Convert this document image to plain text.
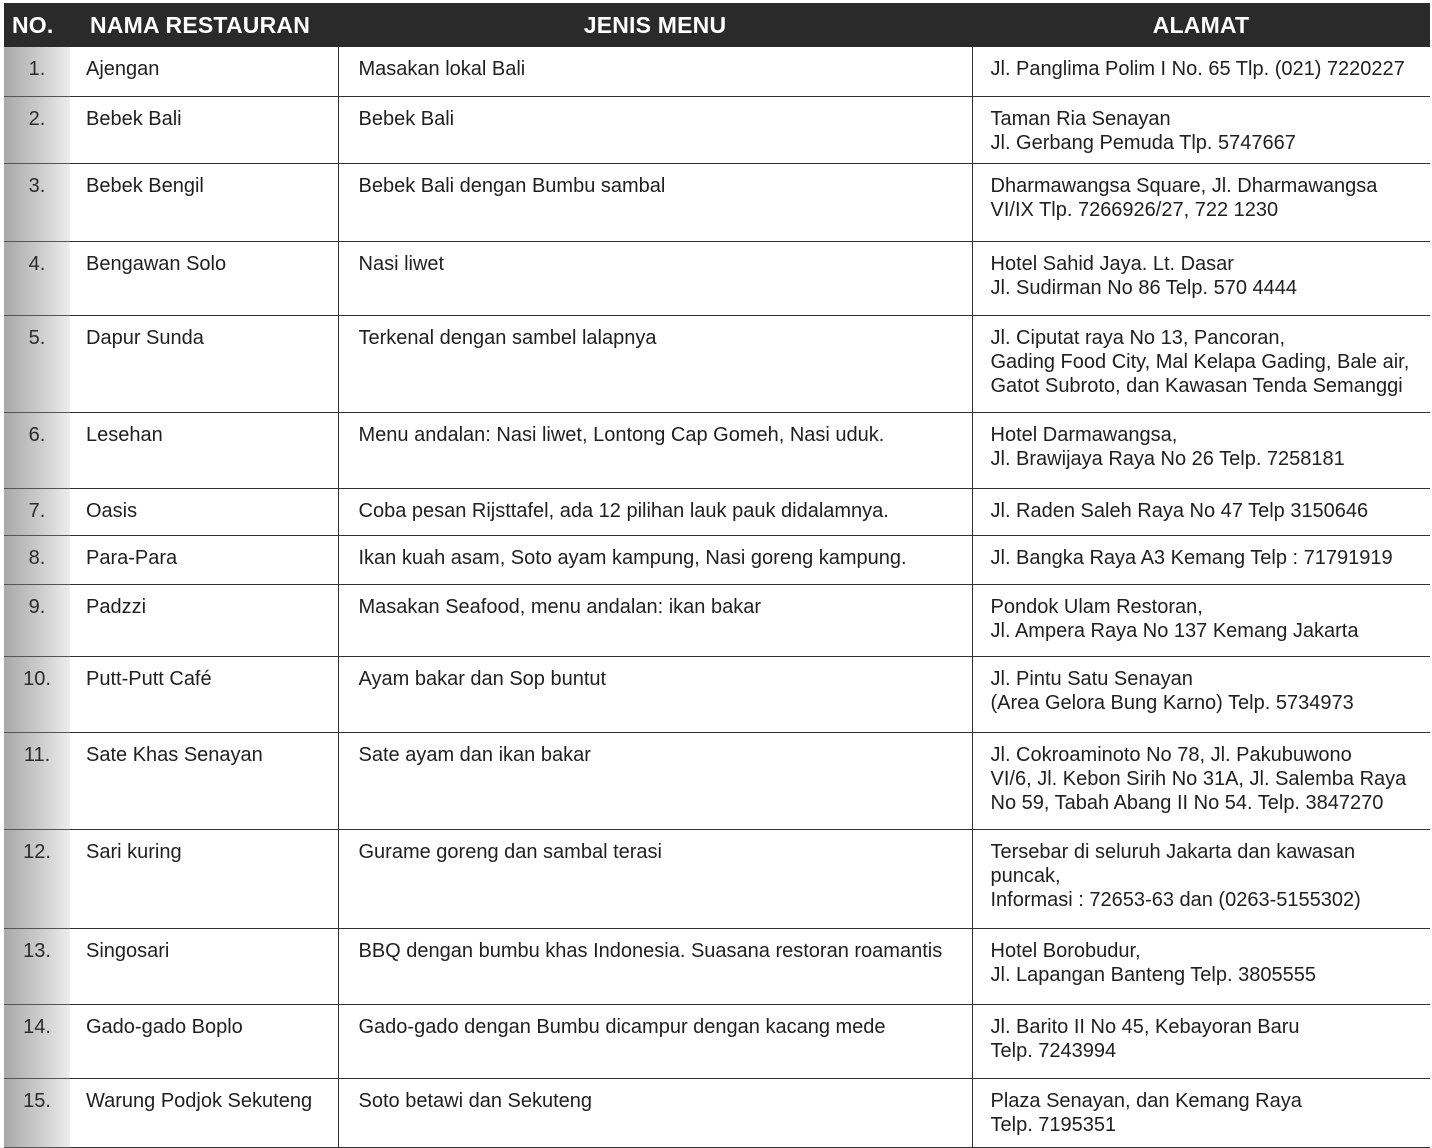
NO.	NAMA RESTAURAN	JENIS MENU	ALAMAT
1.	Ajengan	Masakan lokal Bali	Jl. Panglima Polim I No. 65 Tlp. (021) 7220227

2.	Bebek Bali	Bebek Bali	Taman Ria Senayan
Jl. Gerbang Pemuda Tlp. 5747667

3.	Bebek Bengil	Bebek Bali dengan Bumbu sambal	Dharmawangsa Square, Jl. Dharmawangsa
VI/IX Tlp. 7266926/27, 722 1230

4.	Bengawan Solo	Nasi liwet	Hotel Sahid Jaya. Lt. Dasar
Jl. Sudirman No 86 Telp. 570 4444

5.	Dapur Sunda	Terkenal dengan sambel lalapnya	Jl. Ciputat raya No 13, Pancoran,
Gading Food City, Mal Kelapa Gading, Bale air,
Gatot Subroto, dan Kawasan Tenda Semanggi

6.	Lesehan	Menu andalan: Nasi liwet, Lontong Cap Gomeh, Nasi uduk.	Hotel Darmawangsa,
Jl. Brawijaya Raya No 26 Telp. 7258181

7.	Oasis	Coba pesan Rijsttafel, ada 12 pilihan lauk pauk didalamnya.	Jl. Raden Saleh Raya No 47 Telp 3150646

8.	Para-Para	Ikan kuah asam, Soto ayam kampung, Nasi goreng kampung.	Jl. Bangka Raya A3 Kemang Telp : 71791919

9.	Padzzi	Masakan Seafood, menu andalan: ikan bakar	Pondok Ulam Restoran,
Jl. Ampera Raya No 137 Kemang Jakarta

10.	Putt-Putt Café	Ayam bakar dan Sop buntut	Jl. Pintu Satu Senayan
(Area Gelora Bung Karno) Telp. 5734973

11.	Sate Khas Senayan	Sate ayam dan ikan bakar	Jl. Cokroaminoto No 78, Jl. Pakubuwono
VI/6, Jl. Kebon Sirih No 31A, Jl. Salemba Raya
No 59, Tabah Abang II No 54. Telp. 3847270

12.	Sari kuring	Gurame goreng dan sambal terasi	Tersebar di seluruh Jakarta dan kawasan
puncak,
Informasi : 72653-63 dan (0263-5155302)

13.	Singosari	BBQ dengan bumbu khas Indonesia. Suasana restoran roamantis	Hotel Borobudur,
Jl. Lapangan Banteng Telp. 3805555

14.	Gado-gado Boplo	Gado-gado dengan Bumbu dicampur dengan kacang mede	Jl. Barito II No 45, Kebayoran Baru
Telp. 7243994

15.	Warung Podjok Sekuteng	Soto betawi dan Sekuteng	Plaza Senayan, dan Kemang Raya
Telp. 7195351
